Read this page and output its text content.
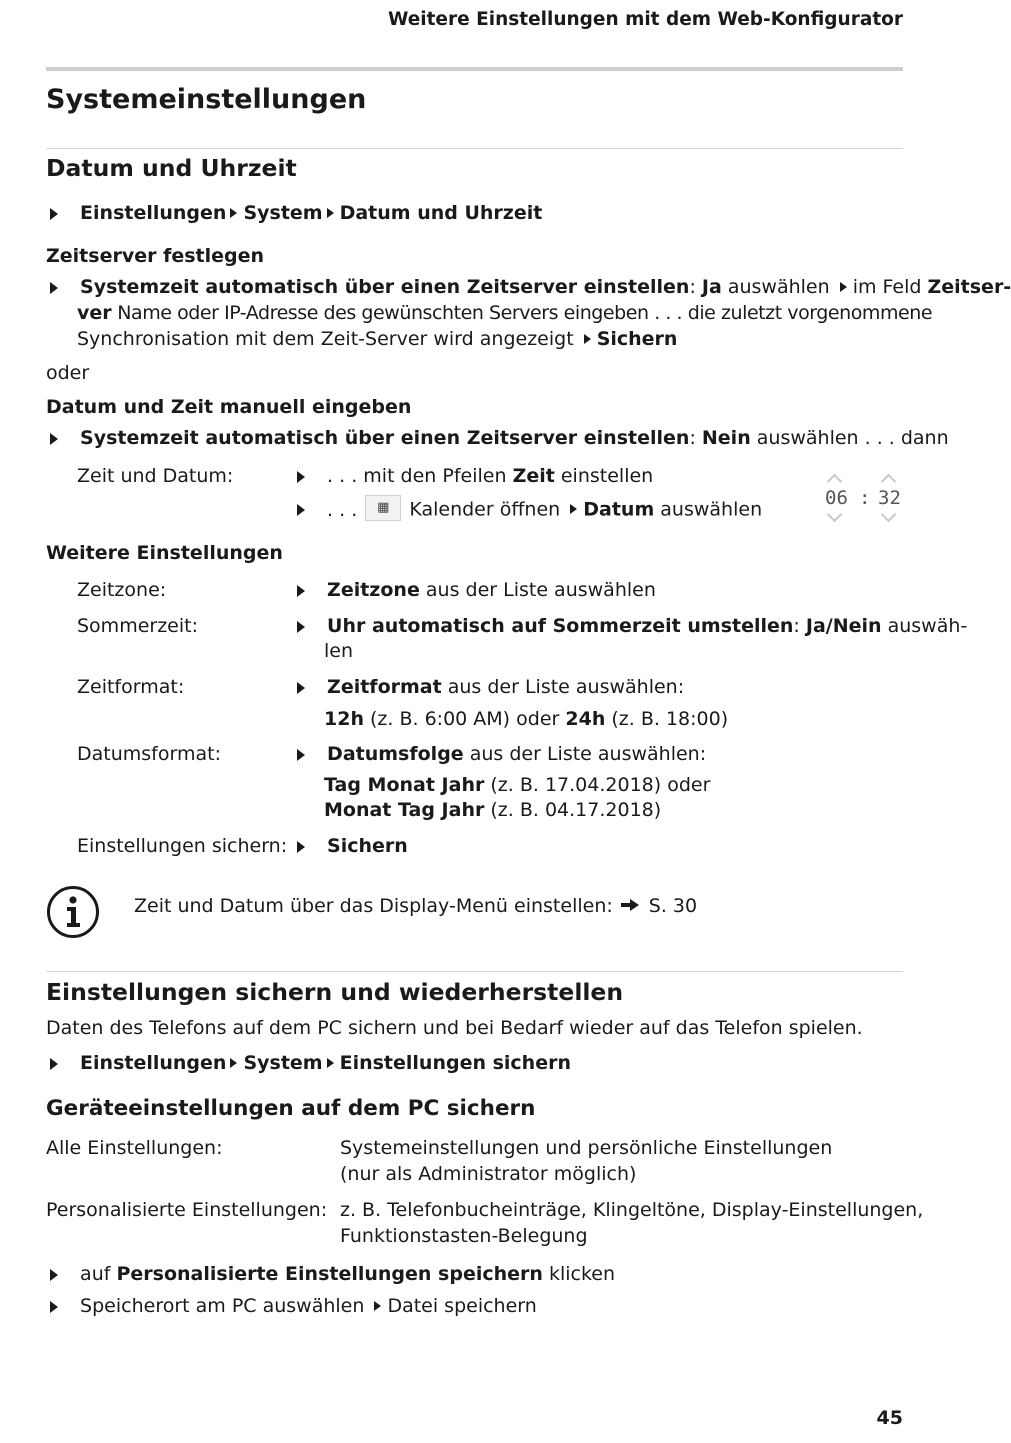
Weitere Einstellungen mit dem Web-Konfigurator
Systemeinstellungen
Datum und Uhrzeit
Einstellungen System Datum und Uhrzeit
Zeitserver festlegen
Systemzeit automatisch über einen Zeitserver einstellen: Ja auswählen im Feld Zeitser-
ver Name oder IP-Adresse des gewünschten Servers eingeben . . . die zuletzt vorgenommene
Synchronisation mit dem Zeit-Server wird angezeigt Sichern
oder
Datum und Zeit manuell eingeben
Systemzeit automatisch über einen Zeitserver einstellen: Nein auswählen . . . dann
Zeit und Datum:	. . . mit den Pfeilen Zeit einstellen
. . . ▦ Kalender öffnen Datum auswählen
06 : 32
Weitere Einstellungen
Zeitzone:	Zeitzone aus der Liste auswählen
Sommerzeit:	Uhr automatisch auf Sommerzeit umstellen: Ja/Nein auswäh-
len
Zeitformat:	Zeitformat aus der Liste auswählen:
12h (z. B. 6:00 AM) oder 24h (z. B. 18:00)
Datumsformat:	Datumsfolge aus der Liste auswählen:
Tag Monat Jahr (z. B. 17.04.2018) oder
Monat Tag Jahr (z. B. 04.17.2018)
Einstellungen sichern:	Sichern
Zeit und Datum über das Display-Menü einstellen: S. 30
Einstellungen sichern und wiederherstellen
Daten des Telefons auf dem PC sichern und bei Bedarf wieder auf das Telefon spielen.
Einstellungen System Einstellungen sichern
Geräteeinstellungen auf dem PC sichern
Alle Einstellungen:	Systemeinstellungen und persönliche Einstellungen
(nur als Administrator möglich)
Personalisierte Einstellungen: z. B. Telefonbucheinträge, Klingeltöne, Display-Einstellungen,
Funktionstasten-Belegung
auf Personalisierte Einstellungen speichern klicken
Speicherort am PC auswählen Datei speichern
45
